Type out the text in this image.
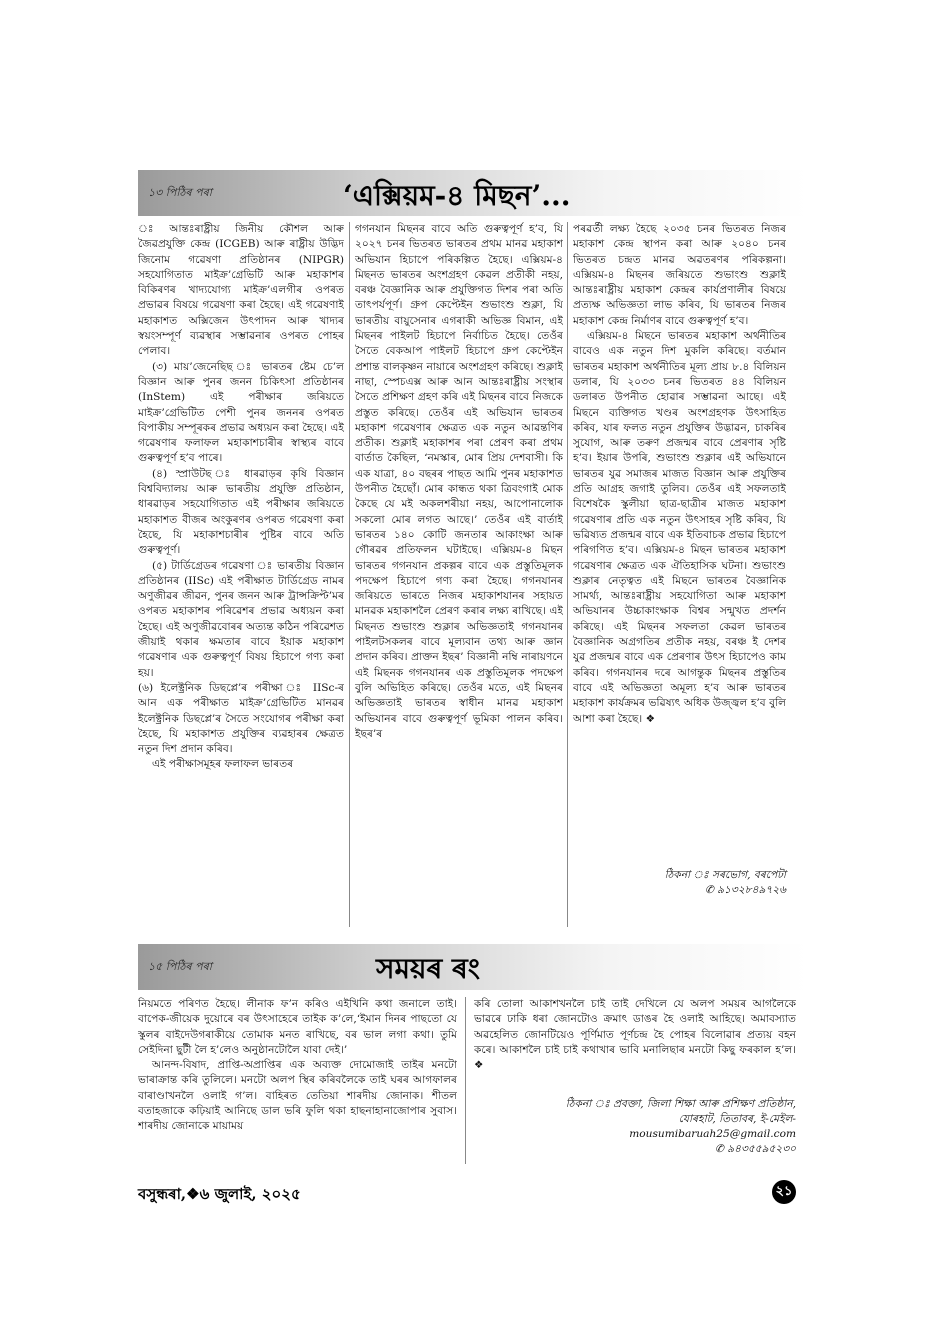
১৩ পিঠিৰ পৰা	‘এক্সিয়ম-৪ মিছন’...

ঃ আন্তঃৰাষ্ট্ৰীয় জিনীয় কৌশল আৰু জৈৱপ্ৰযুক্তি কেন্দ্ৰ (ICGEB) আৰু ৰাষ্ট্ৰীয় উদ্ভিদ জিনোম গৱেষণা প্ৰতিষ্ঠানৰ (NIPGR) সহযোগিতাত মাইক্ৰ’গ্ৰেভিটি আৰু মহাকাশৰ বিকিৰণৰ খাদ্যযোগ্য মাইক্ৰ’এলগীৰ ওপৰত প্ৰভাৱৰ বিষয়ে গৱেষণা কৰা হৈছে। এই গৱেষণাই মহাকাশত অক্সিজেন উৎপাদন আৰু খাদ্যৰ স্বয়ংসম্পূৰ্ণ ব্যৱস্থাৰ সম্ভাৱনাৰ ওপৰত পোহৰ পেলাব।

(৩) মায়’জেনেছিছ ঃ ভাৰতৰ ষ্টেম চে’ল বিজ্ঞান আৰু পুনৰ জনন চিকিৎসা প্ৰতিষ্ঠানৰ (InStem) এই পৰীক্ষাৰ জৰিয়তে মাইক্ৰ’গ্ৰেভিটিত পেশী পুনৰ জননৰ ওপৰত বিপাকীয় সম্পূৰকৰ প্ৰভাৱ অধ্যয়ন কৰা হৈছে। এই গৱেষণাৰ ফলাফল মহাকাশচাৰীৰ স্বাস্থ্যৰ বাবে গুৰুত্বপূৰ্ণ হ’ব পাৰে।

(৪) স্প্ৰাউটছ ঃ ধাৰৱাড়ৰ কৃষি বিজ্ঞান বিশ্ববিদ্যালয় আৰু ভাৰতীয় প্ৰযুক্তি প্ৰতিষ্ঠান, ধাৰৱাড়ৰ সহযোগিতাত এই পৰীক্ষাৰ জৰিয়তে মহাকাশত বীজৰ অংকুৰণৰ ওপৰত গৱেষণা কৰা হৈছে, যি মহাকাশচাৰীৰ পুষ্টিৰ বাবে অতি গুৰুত্বপূৰ্ণ।

(৫) টাৰ্ডিগ্ৰেডৰ গৱেষণা ঃ ভাৰতীয় বিজ্ঞান প্ৰতিষ্ঠানৰ (IISc) এই পৰীক্ষাত টাৰ্ডিগ্ৰেড নামৰ অণুজীৱৰ জীৱন, পুনৰ জনন আৰু ট্ৰান্সক্ৰিপ্ট’মৰ ওপৰত মহাকাশৰ পৰিৱেশৰ প্ৰভাৱ অধ্যয়ন কৰা হৈছে। এই অণুজীৱবোৰৰ অত্যন্ত কঠিন পৰিৱেশত জীয়াই থকাৰ ক্ষমতাৰ বাবে ইয়াক মহাকাশ গৱেষণাৰ এক গুৰুত্বপূৰ্ণ বিষয় হিচাপে গণ্য কৰা হয়।

(৬) ইলেক্ট্ৰনিক ডিছপ্লে’ৰ পৰীক্ষা ঃ IISc-ৰ আন এক পৰীক্ষাত মাইক্ৰ’গ্ৰেভিটিত মানৱৰ ইলেক্ট্ৰনিক ডিছপ্লে’ৰ সৈতে সংযোগৰ পৰীক্ষা কৰা হৈছে, যি মহাকাশত প্ৰযুক্তিৰ ব্যৱহাৰৰ ক্ষেত্ৰত নতুন দিশ প্ৰদান কৰিব।

এই পৰীক্ষাসমূহৰ ফলাফল ভাৰতৰ

গগনযান মিছনৰ বাবে অতি গুৰুত্বপূৰ্ণ হ’ব, যি ২০২৭ চনৰ ভিতৰত ভাৰতৰ প্ৰথম মানৱ মহাকাশ অভিযান হিচাপে পৰিকল্পিত হৈছে। এক্সিয়ম-৪ মিছনত ভাৰতৰ অংশগ্ৰহণ কেৱল প্ৰতীকী নহয়, বৰঞ্চ বৈজ্ঞানিক আৰু প্ৰযুক্তিগত দিশৰ পৰা অতি তাৎপৰ্যপূৰ্ণ। গ্ৰুপ কেপ্টেইন শুভাংশু শুক্লা, যি ভাৰতীয় বায়ুসেনাৰ এগৰাকী অভিজ্ঞ বিমান, এই মিছনৰ পাইলট হিচাপে নিৰ্বাচিত হৈছে। তেওঁৰ সৈতে বেকআপ পাইলট হিচাপে গ্ৰুপ কেপ্টেইন প্ৰশান্ত বালকৃষ্ণন নায়াৰে অংশগ্ৰহণ কৰিছে। শুক্লাই নাছা, স্পেচএক্স আৰু আন আন্তঃৰাষ্ট্ৰীয় সংস্থাৰ সৈতে প্ৰশিক্ষণ গ্ৰহণ কৰি এই মিছনৰ বাবে নিজকে প্ৰস্তুত কৰিছে। তেওঁৰ এই অভিযান ভাৰতৰ মহাকাশ গৱেষণাৰ ক্ষেত্ৰত এক নতুন আৱন্তণিৰ প্ৰতীক। শুক্লাই মহাকাশৰ পৰা প্ৰেৰণ কৰা প্ৰথম বাৰ্তাত কৈছিল, ‘নমস্কাৰ, মোৰ প্ৰিয় দেশবাসী। কি এক যাত্ৰা, ৪০ বছৰৰ পাছত আমি পুনৰ মহাকাশত উপনীত হৈছোঁ। মোৰ কান্ধত থকা ত্ৰিবংগাই মোক কৈছে যে মই অকলশৰীয়া নহয়, আপোনালোক সকলো মোৰ লগত আছে।’ তেওঁৰ এই বাৰ্তাই ভাৰতৰ ১৪০ কোটি জনতাৰ আকাংক্ষা আৰু গৌৰৱৰ প্ৰতিফলন ঘটাইছে। এক্সিয়ম-৪ মিছন ভাৰতৰ গগনযান প্ৰকল্পৰ বাবে এক প্ৰস্তুতিমূলক পদক্ষেপ হিচাপে গণ্য কৰা হৈছে। গগনযানৰ জৰিয়তে ভাৰতে নিজৰ মহাকাশযানৰ সহায়ত মানৱক মহাকাশলৈ প্ৰেৰণ কৰাৰ লক্ষ্য ৰাখিছে। এই মিছনত শুভাংশু শুক্লাৰ অভিজ্ঞতাই গগনযানৰ পাইলটসকলৰ বাবে মূল্যবান তথ্য আৰু জ্ঞান প্ৰদান কৰিব। প্ৰাক্তন ইছৰ’ বিজ্ঞানী নম্বি নাৰায়ণনে এই মিছনক গগনযানৰ এক প্ৰস্তুতিমূলক পদক্ষেপ বুলি অভিহিত কৰিছে। তেওঁৰ মতে, এই মিছনৰ অভিজ্ঞতাই ভাৰতৰ স্বাধীন মানৱ মহাকাশ অভিযানৰ বাবে গুৰুত্বপূৰ্ণ ভূমিকা পালন কৰিব। ইছৰ’ৰ

পৰৱৰ্তী লক্ষ্য হৈছে ২০৩৫ চনৰ ভিতৰত নিজৰ মহাকাশ কেন্দ্ৰ স্থাপন কৰা আৰু ২০৪০ চনৰ ভিতৰত চন্দ্ৰত মানৱ অৱতৰণৰ পৰিকল্পনা। এক্সিয়ম-৪ মিছনৰ জৰিয়তে শুভাংশু শুক্লাই আন্তঃৰাষ্ট্ৰীয় মহাকাশ কেন্দ্ৰৰ কাৰ্যপ্ৰণালীৰ বিষয়ে প্ৰত্যক্ষ অভিজ্ঞতা লাভ কৰিব, যি ভাৰতৰ নিজৰ মহাকাশ কেন্দ্ৰ নিৰ্মাণৰ বাবে গুৰুত্বপূৰ্ণ হ’ব।

এক্সিয়ম-৪ মিছনে ভাৰতৰ মহাকাশ অৰ্থনীতিৰ বাবেও এক নতুন দিশ মুকলি কৰিছে। বৰ্তমান ভাৰতৰ মহাকাশ অৰ্থনীতিৰ মূল্য প্ৰায় ৮.৪ বিলিয়ন ডলাৰ, যি ২০৩৩ চনৰ ভিতৰত ৪৪ বিলিয়ন ডলাৰত উপনীত হোৱাৰ সম্ভাৱনা আছে। এই মিছনে ব্যক্তিগত খণ্ডৰ অংশগ্ৰহণক উৎসাহিত কৰিব, যাৰ ফলত নতুন প্ৰযুক্তিৰ উদ্ভাৱন, চাকৰিৰ সুযোগ, আৰু তৰুণ প্ৰজন্মৰ বাবে প্ৰেৰণাৰ সৃষ্টি হ’ব। ইয়াৰ উপৰি, শুভাংশু শুক্লাৰ এই অভিযানে ভাৰতৰ যুৱ সমাজৰ মাজত বিজ্ঞান আৰু প্ৰযুক্তিৰ প্ৰতি আগ্ৰহ জগাই তুলিব। তেওঁৰ এই সফলতাই বিশেষকৈ স্কুলীয়া ছাত্ৰ-ছাত্ৰীৰ মাজত মহাকাশ গৱেষণাৰ প্ৰতি এক নতুন উৎসাহৰ সৃষ্টি কৰিব, যি ভৱিষ্যত প্ৰজন্মৰ বাবে এক ইতিবাচক প্ৰভাৱ হিচাপে পৰিগণিত হ’ব। এক্সিয়ম-৪ মিছন ভাৰতৰ মহাকাশ গৱেষণাৰ ক্ষেত্ৰত এক ঐতিহাসিক ঘটনা। শুভাংশু শুক্লাৰ নেতৃত্বত এই মিছনে ভাৰতৰ বৈজ্ঞানিক সামৰ্থ্য, আন্তঃৰাষ্ট্ৰীয় সহযোগিতা আৰু মহাকাশ অভিযানৰ উচ্চাকাংক্ষাক বিশ্বৰ সন্মুখত প্ৰদৰ্শন কৰিছে। এই মিছনৰ সফলতা কেৱল ভাৰতৰ বৈজ্ঞানিক অগ্ৰগতিৰ প্ৰতীক নহয়, বৰঞ্চ ই দেশৰ যুৱ প্ৰজন্মৰ বাবে এক প্ৰেৰণাৰ উৎস হিচাপেও কাম কৰিব। গগনযানৰ দৰে আগন্তুক মিছনৰ প্ৰস্তুতিৰ বাবে এই অভিজ্ঞতা অমূল্য হ’ব আৰু ভাৰতৰ মহাকাশ কাৰ্যক্ৰমৰ ভৱিষ্যৎ অধিক উজ্জ্বল হ’ব বুলি আশা কৰা হৈছে। ❖

ঠিকনা ঃ সৰভোগ, বৰপেটা
✆ ৯১৩২৮৪৯৭২৬
১৫ পিঠিৰ পৰা	সময়ৰ ৰং

নিয়মতে পৰিণত হৈছে। লীনাক ফ’ন কৰিও এইখিনি কথা জনালে তাই। বাপেক-জীয়েক দুয়োৰে বৰ উৎসাহেৰে তাইক ক’লে,‘ইমান দিনৰ পাছতো যে স্কুলৰ বাইদেউগৰাকীয়ে তোমাক মনত ৰাখিছে, বৰ ভাল লগা কথা। তুমি সেইদিনা ছুটী লৈ হ’লেও অনুষ্ঠানটোলৈ যাবা দেই।’

আনন্দ-বিষাদ, প্ৰাপ্তি-অপ্ৰাপ্তিৰ এক অব্যক্ত দোমোজাই তাইৰ মনটো ভাৰাক্ৰান্ত কৰি তুলিলে। মনটো অলপ স্থিৰ কৰিবলৈকে তাই ঘৰৰ আগফালৰ বাৰাণ্ডাখনলৈ ওলাই গ’ল। বাহিৰত তেতিয়া শাৰদীয় জোনাক। শীতল বতাহজাকে কঢ়িয়াই আনিছে ডাল ভৰি ফুলি থকা হাছনাহানাজোপাৰ সুবাস। শাৰদীয় জোনাকে মায়াময়

কৰি তোলা আকাশখনলৈ চাই তাই দেখিলে যে অলপ সময়ৰ আগলৈকে ভাৱৰে ঢাকি ধৰা জোনটোও ক্ৰমাৎ ডাঙৰ হৈ ওলাই আহিছে। অমাবস্যাত অৱহেলিত জোনটিয়েও পূৰ্ণিমাত পূৰ্ণচন্দ্ৰ হৈ পোহৰ বিলোৱাৰ প্ৰত্যয় বহন কৰে। আকাশলৈ চাই চাই কথাখাৰ ভাবি মনালিছাৰ মনটো কিছু ফৰকাল হ’ল। ❖

ঠিকনা ঃ প্ৰবক্তা, জিলা শিক্ষা আৰু প্ৰশিক্ষণ প্ৰতিষ্ঠান,
যোৰহাট, তিতাবৰ, ই-মেইল-
mousumibaruah25@gmail.com
✆ ৯৪৩৫৫৯৫২৩০
বসুন্ধৰা,❖৬ জুলাই, ২০২৫	২১
